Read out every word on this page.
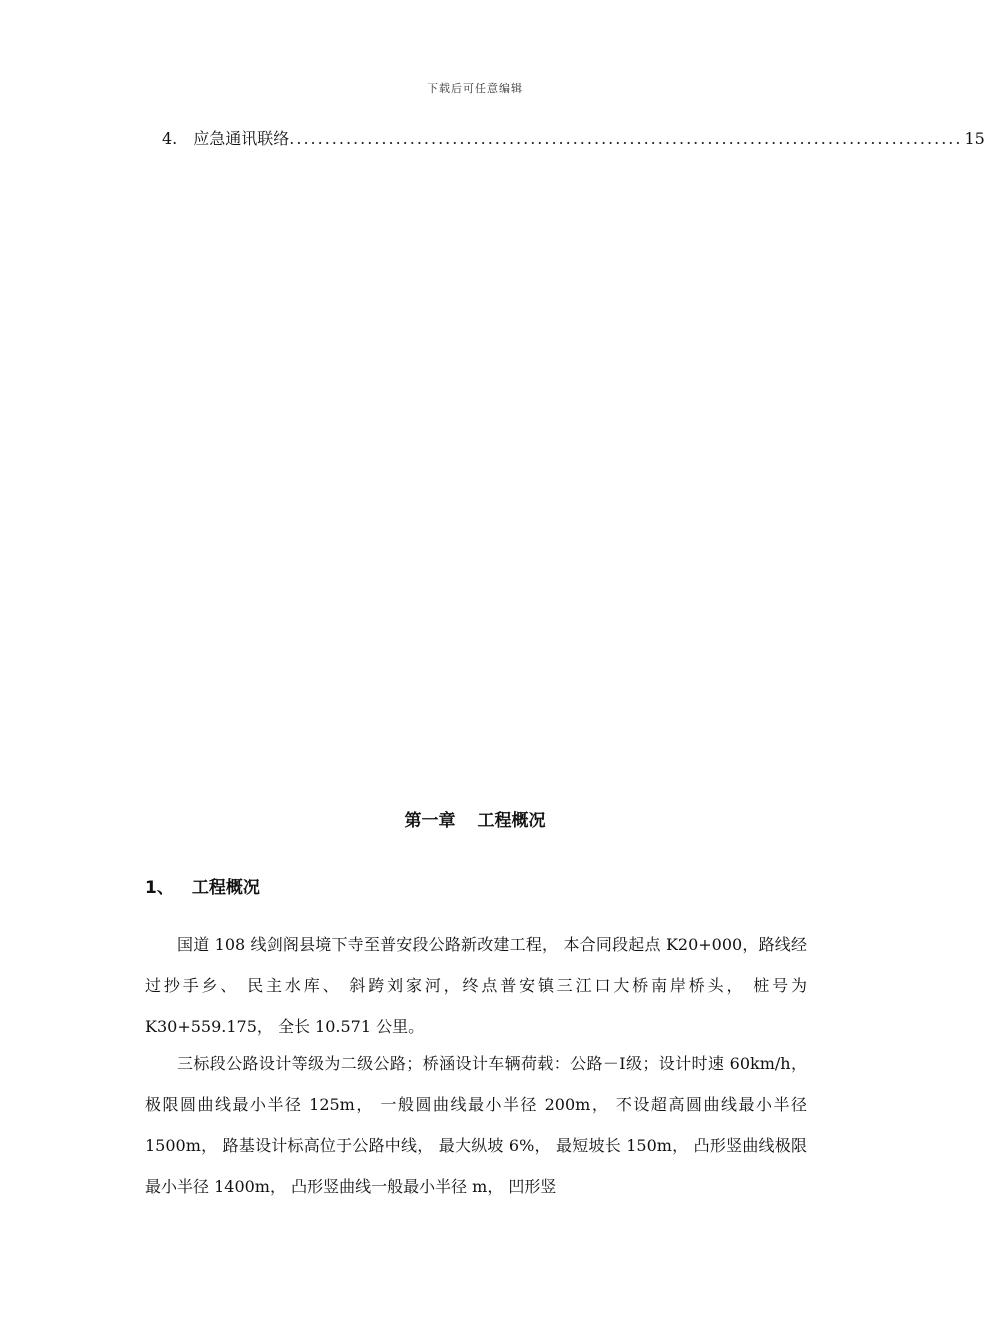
下载后可任意编辑
4. 应急通讯联络 ............................................................................................... 15
第一章 工程概况
1、 工程概况

国道 108 线剑阁县境下寺至普安段公路新改建工程， 本合同段起点 K20+000，路线经过抄手乡、 民主水库、 斜跨刘家河，终点普安镇三江口大桥南岸桥头， 桩号为 K30+559.175， 全长 10.571 公里。

三标段公路设计等级为二级公路；桥涵设计车辆荷载：公路－Ⅰ级；设计时速 60km/h， 极限圆曲线最小半径 125m， 一般圆曲线最小半径 200m， 不设超高圆曲线最小半径 1500m， 路基设计标高位于公路中线， 最大纵坡 6%， 最短坡长 150m， 凸形竖曲线极限最小半径 1400m， 凸形竖曲线一般最小半径 m， 凹形竖
